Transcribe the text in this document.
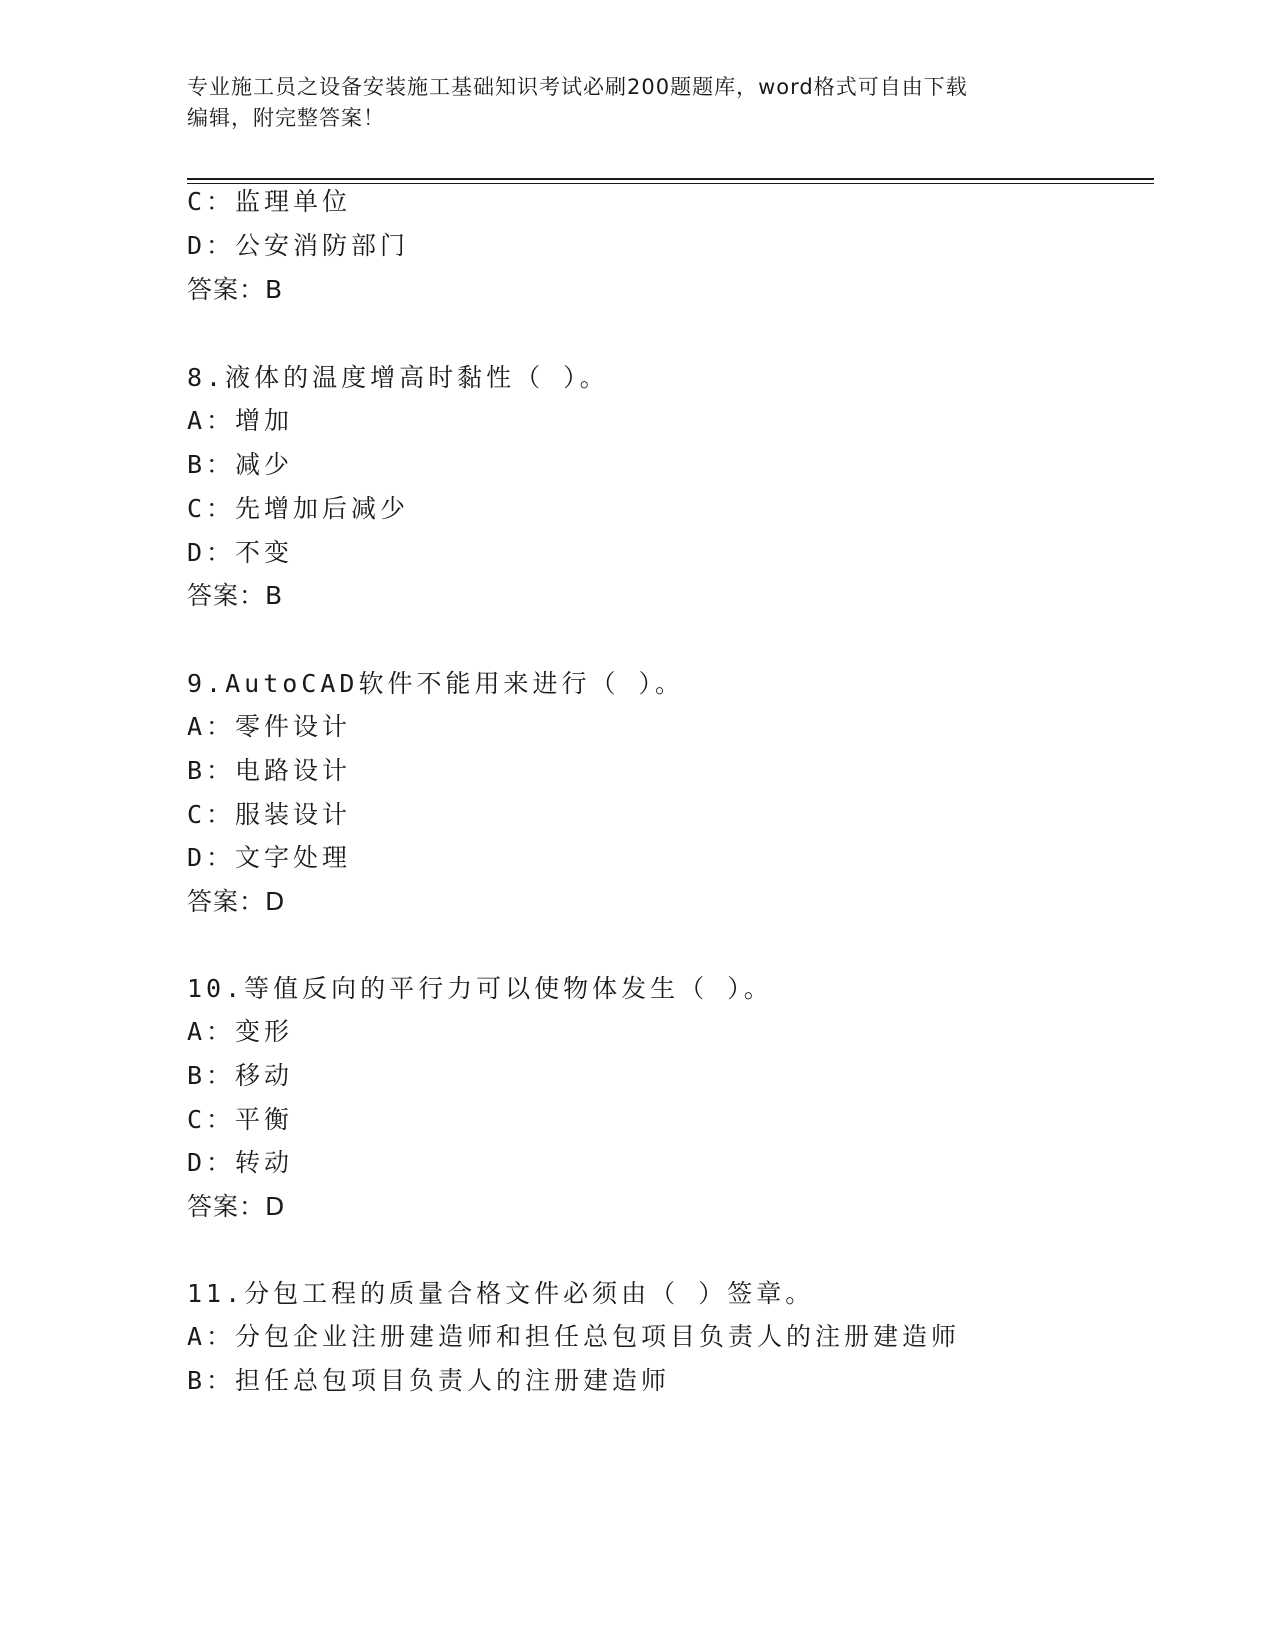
专业施工员之设备安装施工基础知识考试必刷200题题库，word格式可自由下载
编辑，附完整答案！
C：监理单位
D：公安消防部门
答案：B
8.液体的温度增高时黏性（ ）。
A：增加
B：减少
C：先增加后减少
D：不变
答案：B
9.AutoCAD软件不能用来进行（ ）。
A：零件设计
B：电路设计
C：服装设计
D：文字处理
答案：D
10.等值反向的平行力可以使物体发生（ ）。
A：变形
B：移动
C：平衡
D：转动
答案：D
11.分包工程的质量合格文件必须由（ ）签章。
A：分包企业注册建造师和担任总包项目负责人的注册建造师
B：担任总包项目负责人的注册建造师
